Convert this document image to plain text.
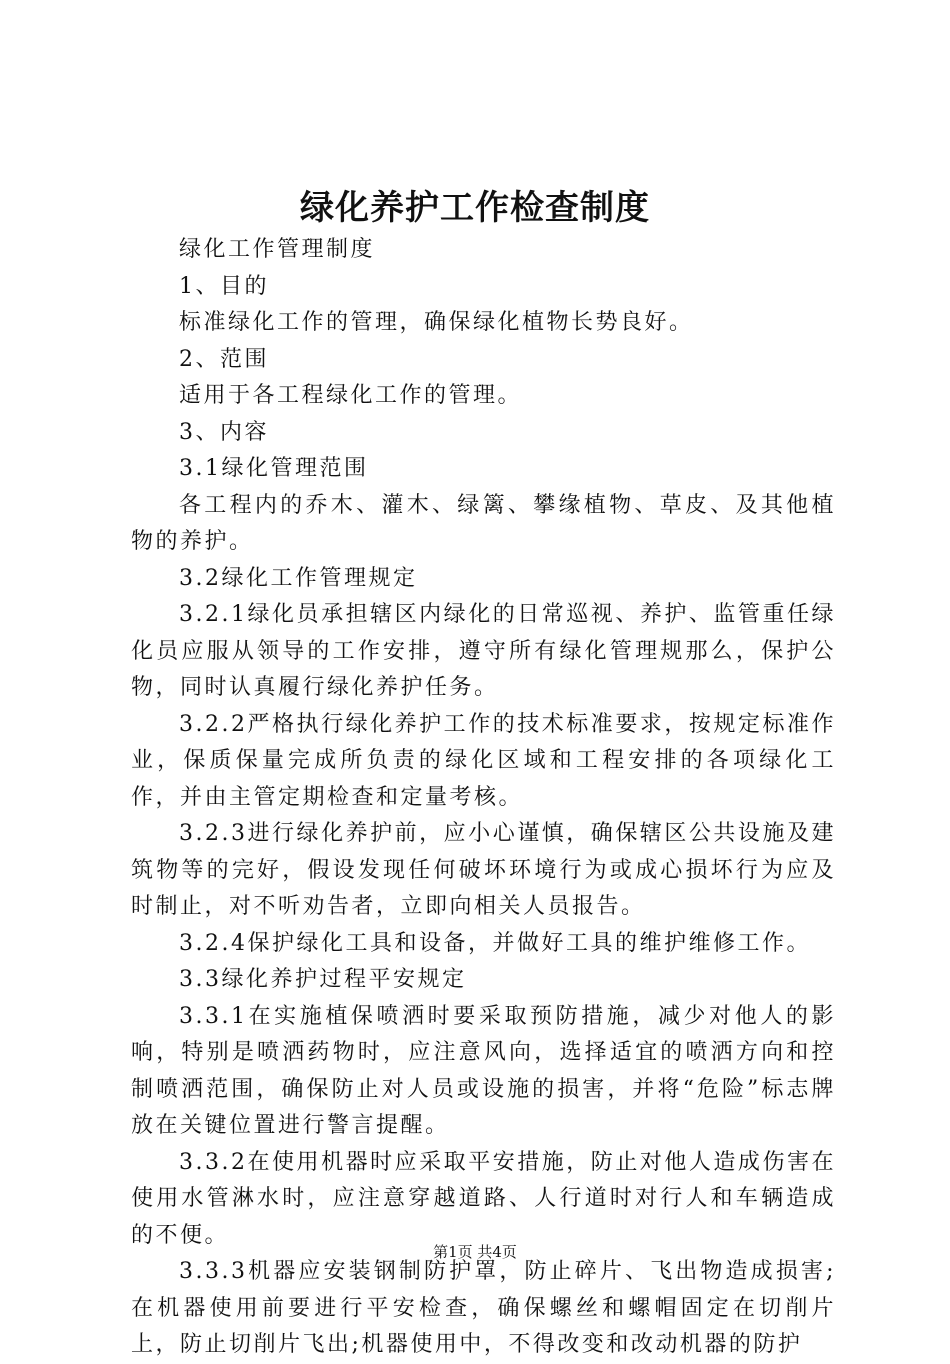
绿化养护工作检查制度

绿化工作管理制度

1、目的

标准绿化工作的管理，确保绿化植物长势良好。

2、范围

适用于各工程绿化工作的管理。

3、内容

3.1绿化管理范围

各工程内的乔木、灌木、绿篱、攀缘植物、草皮、及其他植物的养护。

3.2绿化工作管理规定

3.2.1绿化员承担辖区内绿化的日常巡视、养护、监管重任绿化员应服从领导的工作安排，遵守所有绿化管理规那么，保护公物，同时认真履行绿化养护任务。

3.2.2严格执行绿化养护工作的技术标准要求，按规定标准作业，保质保量完成所负责的绿化区域和工程安排的各项绿化工作，并由主管定期检查和定量考核。

3.2.3进行绿化养护前，应小心谨慎，确保辖区公共设施及建筑物等的完好，假设发现任何破坏环境行为或成心损坏行为应及时制止，对不听劝告者，立即向相关人员报告。

3.2.4保护绿化工具和设备，并做好工具的维护维修工作。

3.3绿化养护过程平安规定

3.3.1在实施植保喷洒时要采取预防措施，减少对他人的影响，特别是喷洒药物时，应注意风向，选择适宜的喷洒方向和控制喷洒范围，确保防止对人员或设施的损害，并将“危险”标志牌放在关键位置进行警言提醒。

3.3.2在使用机器时应采取平安措施，防止对他人造成伤害在使用水管淋水时，应注意穿越道路、人行道时对行人和车辆造成的不便。

3.3.3机器应安装钢制防护罩，防止碎片、飞出物造成损害;在机器使用前要进行平安检查，确保螺丝和螺帽固定在切削片上，防止切削片飞出;机器使用中，不得改变和改动机器的防护

第1页 共4页
